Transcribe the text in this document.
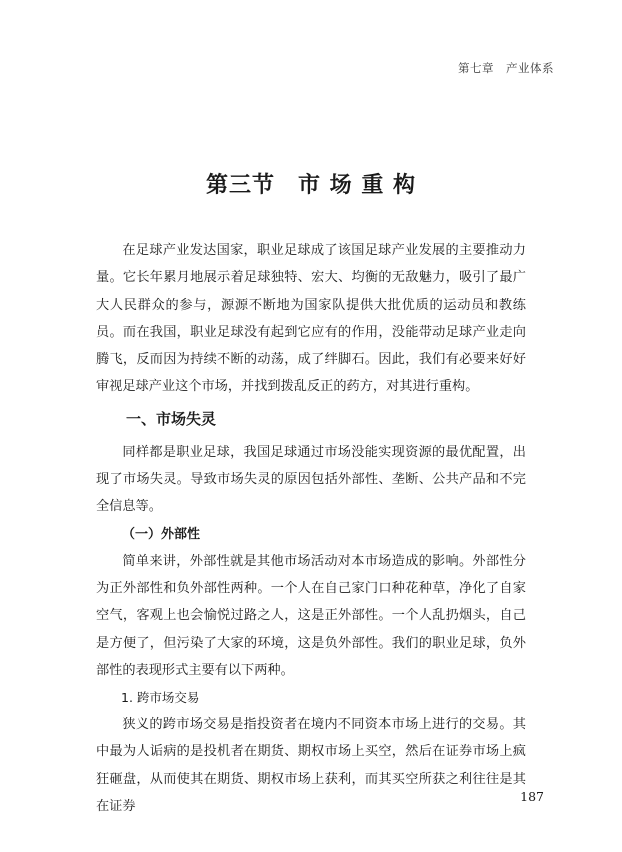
第七章　产业体系
第三节　市 场 重 构

在足球产业发达国家，职业足球成了该国足球产业发展的主要推动力量。它长年累月地展示着足球独特、宏大、均衡的无敌魅力，吸引了最广大人民群众的参与，源源不断地为国家队提供大批优质的运动员和教练员。而在我国，职业足球没有起到它应有的作用，没能带动足球产业走向腾飞，反而因为持续不断的动荡，成了绊脚石。因此，我们有必要来好好审视足球产业这个市场，并找到拨乱反正的药方，对其进行重构。

一、市场失灵

同样都是职业足球，我国足球通过市场没能实现资源的最优配置，出现了市场失灵。导致市场失灵的原因包括外部性、垄断、公共产品和不完全信息等。

（一）外部性

简单来讲，外部性就是其他市场活动对本市场造成的影响。外部性分为正外部性和负外部性两种。一个人在自己家门口种花种草，净化了自家空气，客观上也会愉悦过路之人，这是正外部性。一个人乱扔烟头，自己是方便了，但污染了大家的环境，这是负外部性。我们的职业足球，负外部性的表现形式主要有以下两种。

1. 跨市场交易

狭义的跨市场交易是指投资者在境内不同资本市场上进行的交易。其中最为人诟病的是投机者在期货、期权市场上买空，然后在证券市场上疯狂砸盘，从而使其在期货、期权市场上获利，而其买空所获之利往往是其在证券

187
